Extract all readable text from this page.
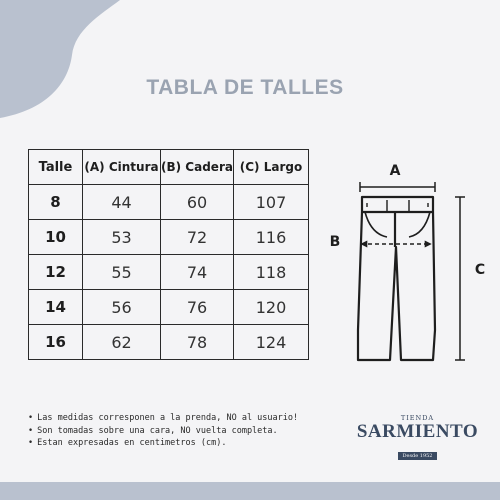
TABLA DE TALLES
Talle	(A) Cintura	(B) Cadera	(C) Largo
8	44	60	107
10	53	72	116
12	55	74	118
14	56	76	120
16	62	78	124
A
B
C
• Las medidas corresponen a la prenda, NO al usuario!
• Son tomadas sobre una cara, NO vuelta completa.
• Estan expresadas en centimetros (cm).
TIENDA
SARMIENTO
Desde 1952
